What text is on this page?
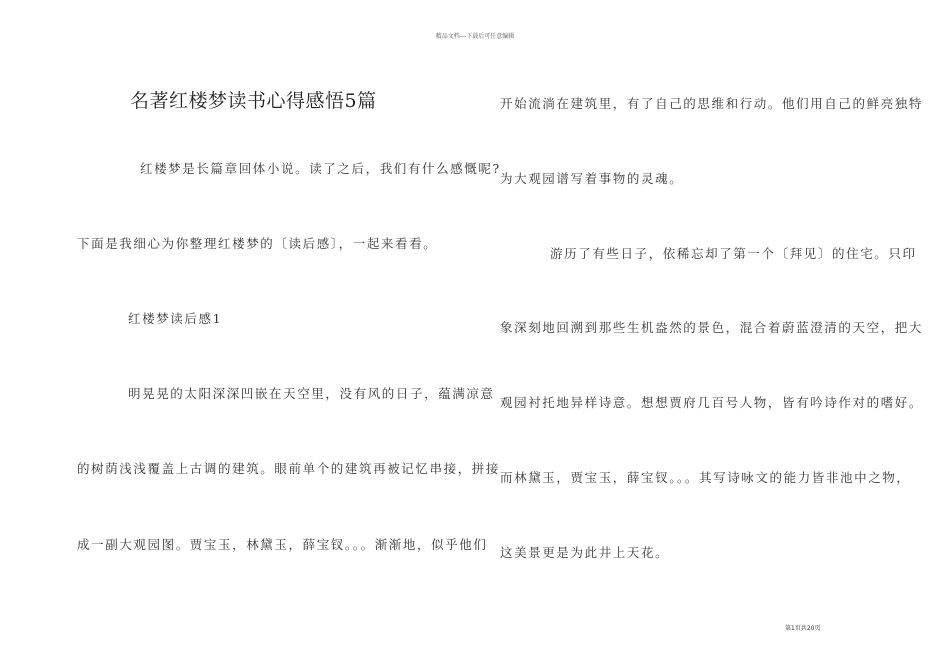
精品文档---下载后可任意编辑
名著红楼梦读书心得感悟5篇
红楼梦是长篇章回体小说。读了之后，我们有什么感慨呢?
下面是我细心为你整理红楼梦的〔读后感〕，一起来看看。
红楼梦读后感1
明晃晃的太阳深深凹嵌在天空里，没有风的日子，蕴满凉意
的树荫浅浅覆盖上古调的建筑。眼前单个的建筑再被记忆串接，拼接
成一副大观园图。贾宝玉，林黛玉，薛宝钗。。。渐渐地，似乎他们
开始流淌在建筑里，有了自己的思维和行动。他们用自己的鲜亮独特
为大观园谱写着事物的灵魂。
游历了有些日子，依稀忘却了第一个〔拜见〕的住宅。只印
象深刻地回溯到那些生机盎然的景色，混合着蔚蓝澄清的天空，把大
观园衬托地异样诗意。想想贾府几百号人物，皆有吟诗作对的嗜好。
而林黛玉，贾宝玉，薛宝钗。。。其写诗咏文的能力皆非池中之物，
这美景更是为此井上天花。
第1页共20页
